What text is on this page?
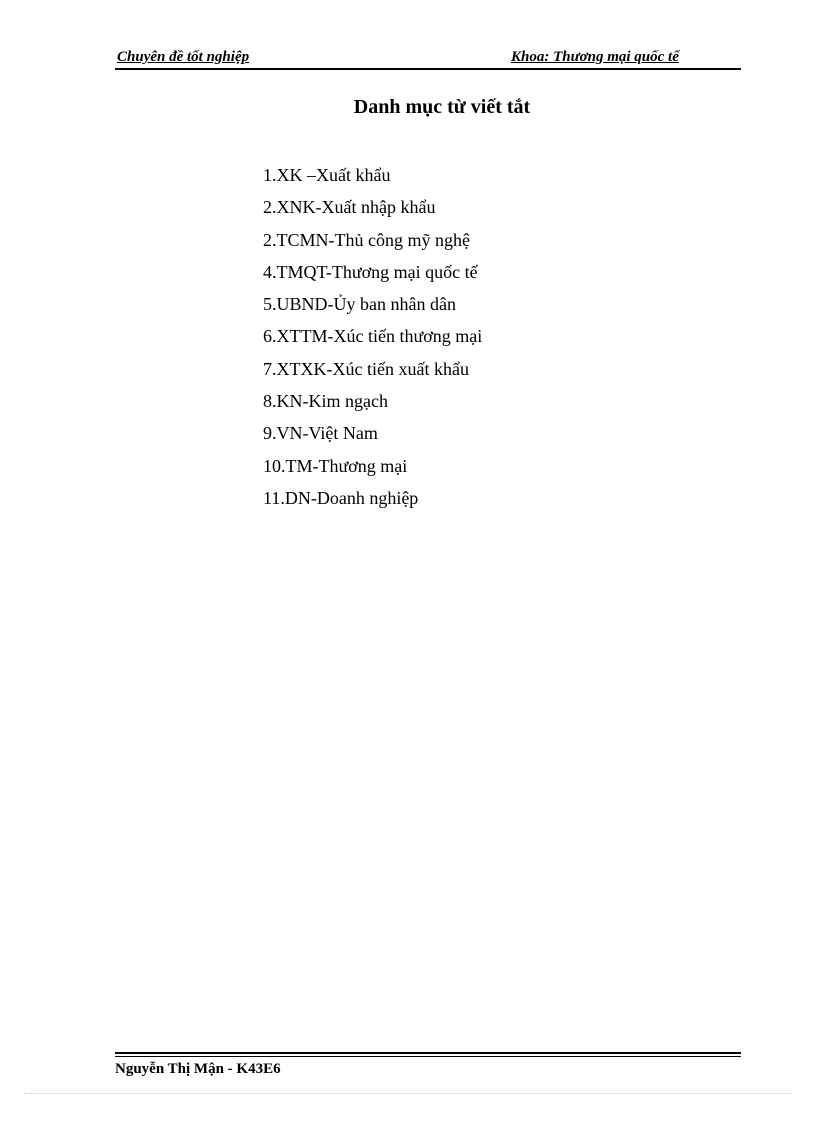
Chuyên đề tốt nghiệp	Khoa: Thương mại quốc tế
Danh mục từ viết tắt
1.XK –Xuất khẩu
2.XNK-Xuất nhập khẩu
2.TCMN-Thủ công mỹ nghệ
4.TMQT-Thương mại quốc tế
5.UBND-Ủy ban nhân dân
6.XTTM-Xúc tiến thương mại
7.XTXK-Xúc tiến xuất khẩu
8.KN-Kim ngạch
9.VN-Việt Nam
10.TM-Thương mại
11.DN-Doanh nghiệp
Nguyễn Thị Mận - K43E6
